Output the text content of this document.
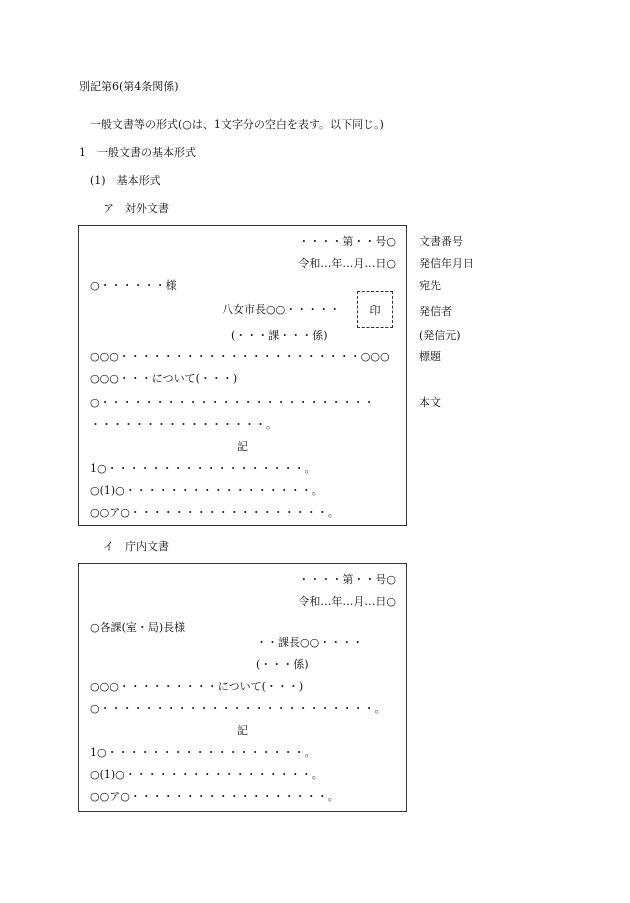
別記第6(第4条関係)
一般文書等の形式(○は、1文字分の空白を表す。以下同じ。)
1　一般文書の基本形式
(1)　基本形式
ア　対外文書
・・・・第・・号○
令和…年…月…日○
○・・・・・・様
八女市長○○・・・・・	印
(・・・課・・・係)
○○○・・・・・・・・・・・・・・・・・・・・・・○○○
○○○・・・について(・・・)
○・・・・・・・・・・・・・・・・・・・・・・・・・
・・・・・・・・・・・・・・・・。
記
1○・・・・・・・・・・・・・・・・・・。
○(1)○・・・・・・・・・・・・・・・・・。
○○ア○・・・・・・・・・・・・・・・・・・。
文書番号
発信年月日
宛先
発信者
(発信元)
標題
本文
イ　庁内文書
・・・・第・・号○
令和…年…月…日○
○各課(室・局)長様
・・課長○○・・・・
(・・・係)
○○○・・・・・・・・・について(・・・)
○・・・・・・・・・・・・・・・・・・・・・・・・・。
記
1○・・・・・・・・・・・・・・・・・・。
○(1)○・・・・・・・・・・・・・・・・・。
○○ア○・・・・・・・・・・・・・・・・・・。
